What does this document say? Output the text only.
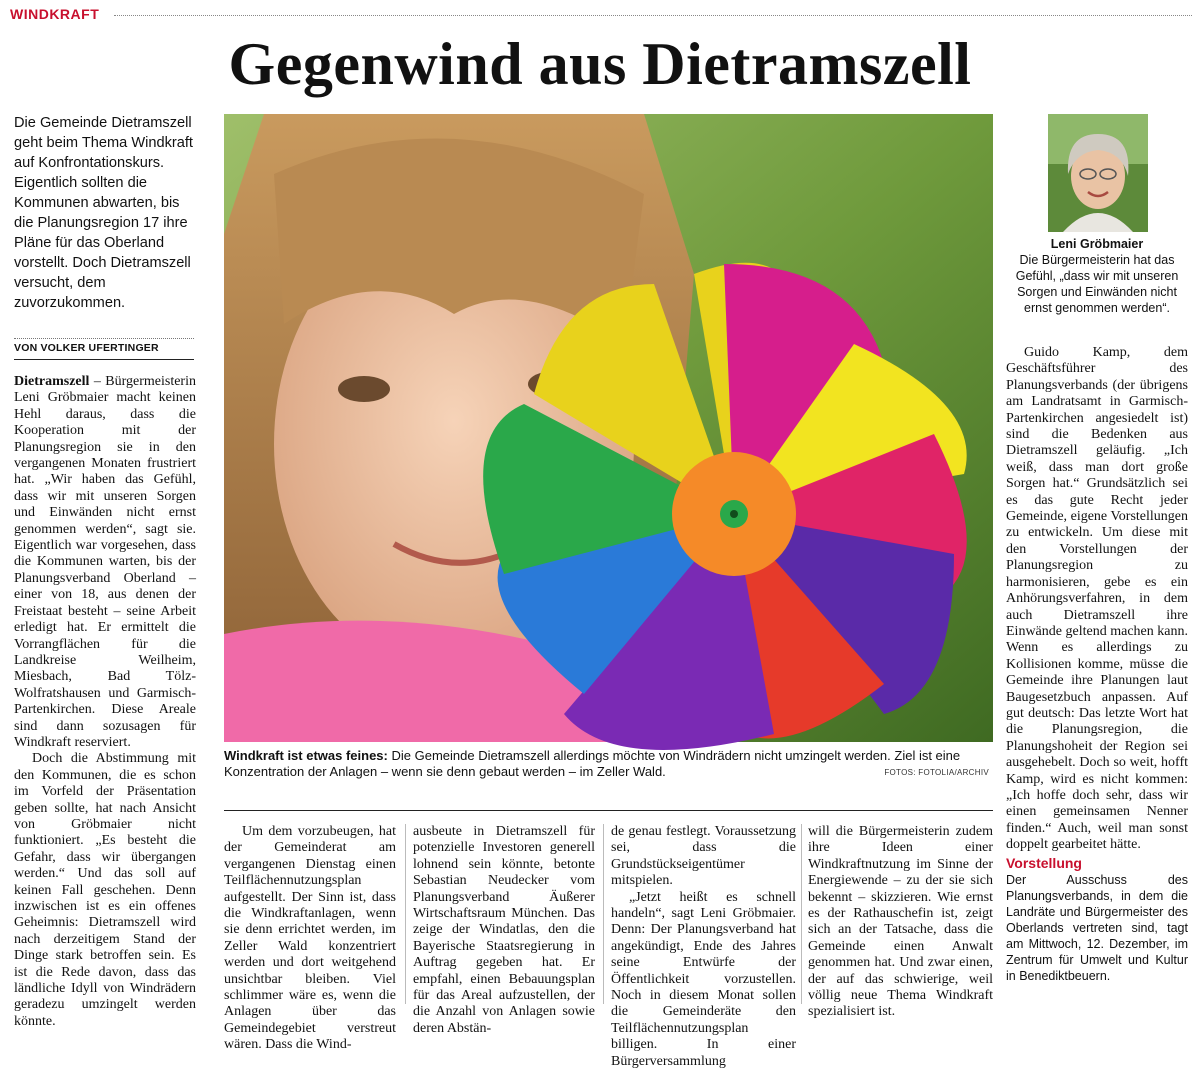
WINDKRAFT
Gegenwind aus Dietramszell
Die Gemeinde Dietramszell geht beim Thema Windkraft auf Konfrontationskurs. Eigentlich sollten die Kommunen abwarten, bis die Planungsregion 17 ihre Pläne für das Oberland vorstellt. Doch Dietramszell versucht, dem zuvorzukommen.
VON VOLKER UFERTINGER

Dietramszell – Bürgermeisterin Leni Gröbmaier macht keinen Hehl daraus, dass die Kooperation mit der Planungsregion sie in den vergangenen Monaten frustriert hat. „Wir haben das Gefühl, dass wir mit unseren Sorgen und Einwänden nicht ernst genommen werden“, sagt sie. Eigentlich war vorgesehen, dass die Kommunen warten, bis der Planungsverband Oberland – einer von 18, aus denen der Freistaat besteht – seine Arbeit erledigt hat. Er ermittelt die Vorrangflächen für die Landkreise Weilheim, Miesbach, Bad Tölz-Wolfratshausen und Garmisch-Partenkirchen. Diese Areale sind dann sozusagen für Windkraft reserviert.

Doch die Abstimmung mit den Kommunen, die es schon im Vorfeld der Präsentation geben sollte, hat nach Ansicht von Gröbmaier nicht funktioniert. „Es besteht die Gefahr, dass wir übergangen werden.“ Und das soll auf keinen Fall geschehen. Denn inzwischen ist es ein offenes Geheimnis: Dietramszell wird nach derzeitigem Stand der Dinge stark betroffen sein. Es ist die Rede davon, dass das ländliche Idyll von Windrädern geradezu umzingelt werden könnte.

Windkraft ist etwas feines: Die Gemeinde Dietramszell allerdings möchte von Windrädern nicht umzingelt werden. Ziel ist eine Konzentration der Anlagen – wenn sie denn gebaut werden – im Zeller Wald.	FOTOS: FOTOLIA/ARCHIV

Um dem vorzubeugen, hat der Gemeinderat am vergangenen Dienstag einen Teilflächennutzungsplan aufgestellt. Der Sinn ist, dass die Windkraftanlagen, wenn sie denn errichtet werden, im Zeller Wald konzentriert werden und dort weitgehend unsichtbar bleiben. Viel schlimmer wäre es, wenn die Anlagen über das Gemeindegebiet verstreut wären. Dass die Wind-

ausbeute in Dietramszell für potenzielle Investoren generell lohnend sein könnte, betonte Sebastian Neudecker vom Planungsverband Äußerer Wirtschaftsraum München. Das zeige der Windatlas, den die Bayerische Staatsregierung in Auftrag gegeben hat. Er empfahl, einen Bebauungsplan für das Areal aufzustellen, der die Anzahl von Anlagen sowie deren Abstän-

de genau festlegt. Voraussetzung sei, dass die Grundstückseigentümer mitspielen.

„Jetzt heißt es schnell handeln“, sagt Leni Gröbmaier. Denn: Der Planungsverband hat angekündigt, Ende des Jahres seine Entwürfe der Öffentlichkeit vorzustellen. Noch in diesem Monat sollen die Gemeinderäte den Teilflächennutzungsplan billigen. In einer Bürgerversammlung

will die Bürgermeisterin zudem ihre Ideen einer Windkraftnutzung im Sinne der Energiewende – zu der sie sich bekennt – skizzieren. Wie ernst es der Rathauschefin ist, zeigt sich an der Tatsache, dass die Gemeinde einen Anwalt genommen hat. Und zwar einen, der auf das schwierige, weil völlig neue Thema Windkraft spezialisiert ist.

Leni Gröbmaier
Die Bürgermeisterin hat das Gefühl, „dass wir mit unseren Sorgen und Einwänden nicht ernst genommen werden“.

Guido Kamp, dem Geschäftsführer des Planungsverbands (der übrigens am Landratsamt in Garmisch-Partenkirchen angesiedelt ist) sind die Bedenken aus Dietramszell geläufig. „Ich weiß, dass man dort große Sorgen hat.“ Grundsätzlich sei es das gute Recht jeder Gemeinde, eigene Vorstellungen zu entwickeln. Um diese mit den Vorstellungen der Planungsregion zu harmonisieren, gebe es ein Anhörungsverfahren, in dem auch Dietramszell ihre Einwände geltend machen kann. Wenn es allerdings zu Kollisionen komme, müsse die Gemeinde ihre Planungen laut Baugesetzbuch anpassen. Auf gut deutsch: Das letzte Wort hat die Planungsregion, die Planungshoheit der Region sei ausgehebelt. Doch so weit, hofft Kamp, wird es nicht kommen: „Ich hoffe doch sehr, dass wir einen gemeinsamen Nenner finden.“ Auch, weil man sonst doppelt gearbeitet hätte.

Vorstellung
Der Ausschuss des Planungsverbands, in dem die Landräte und Bürgermeister des Oberlands vertreten sind, tagt am Mittwoch, 12. Dezember, im Zentrum für Umwelt und Kultur in Benediktbeuern.
